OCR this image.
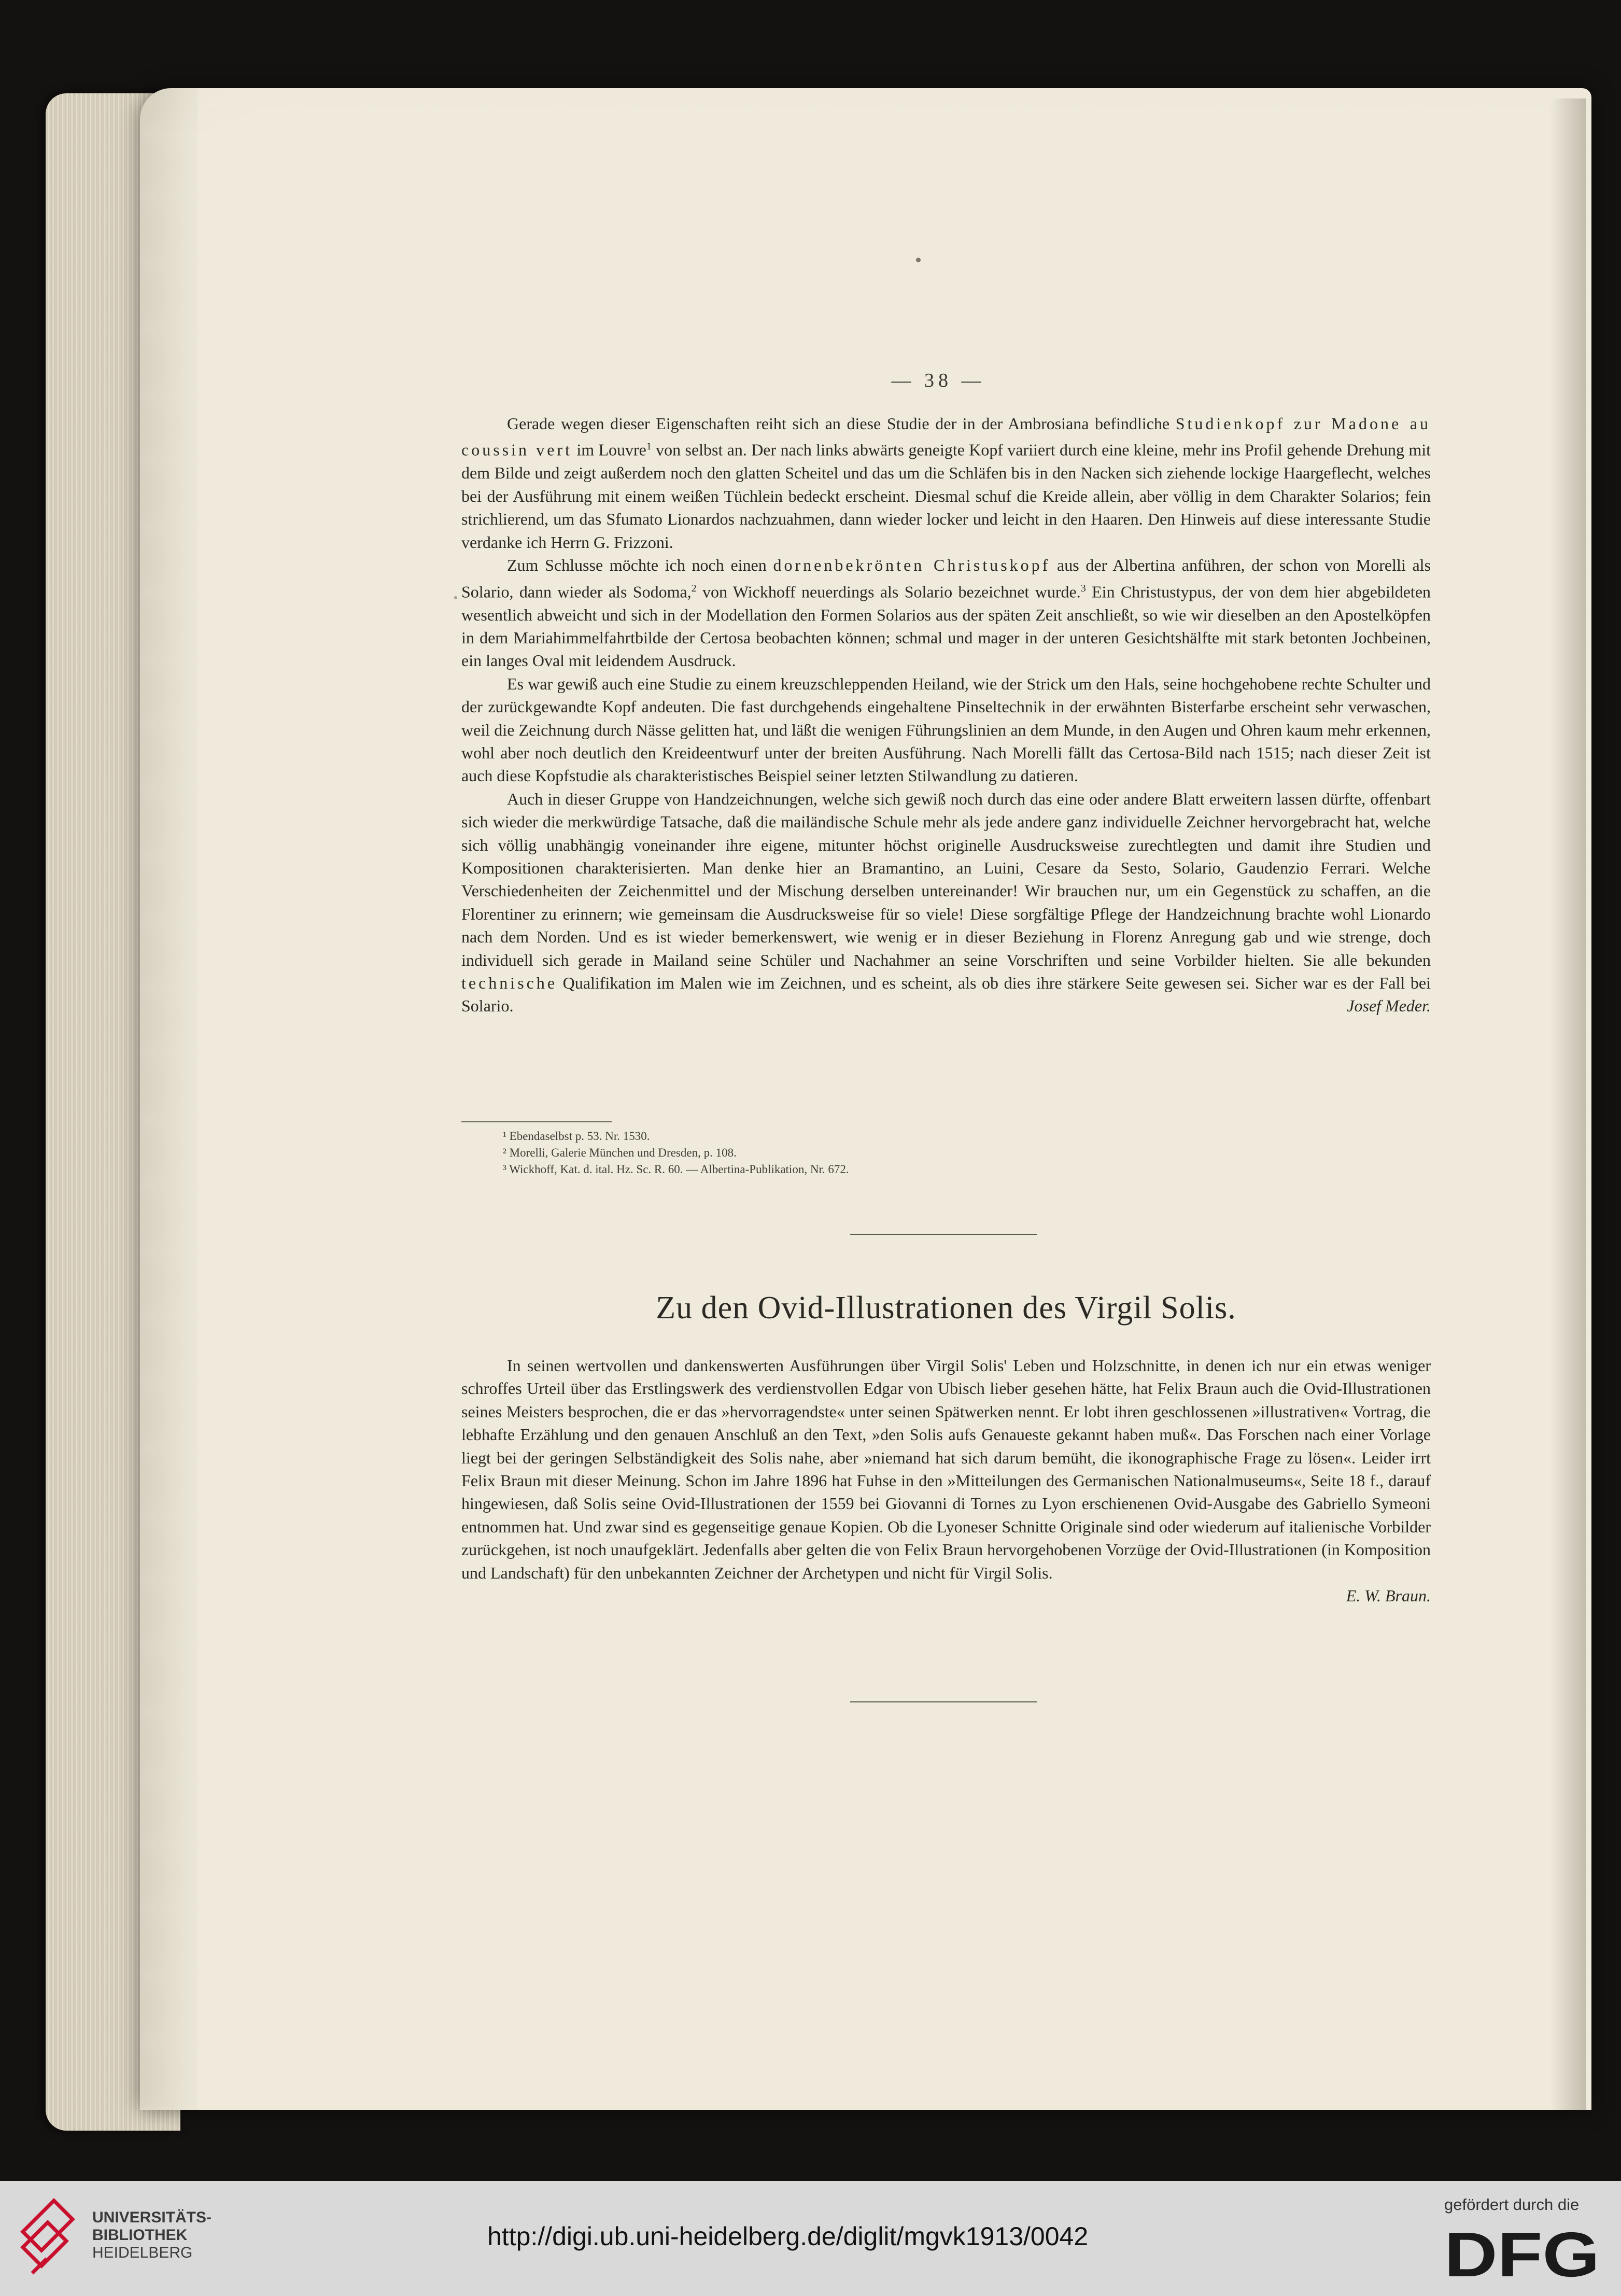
— 38 —

Gerade wegen dieser Eigenschaften reiht sich an diese Studie der in der Ambrosiana befindliche Studienkopf zur Madone au coussin vert im Louvre$^1$ von selbst an. Der nach links abwärts geneigte Kopf variiert durch eine kleine, mehr ins Profil gehende Drehung mit dem Bilde und zeigt außerdem noch den glatten Scheitel und das um die Schläfen bis in den Nacken sich ziehende lockige Haargeflecht, welches bei der Ausführung mit einem weißen Tüchlein bedeckt erscheint. Diesmal schuf die Kreide allein, aber völlig in dem Charakter Solarios; fein strichlierend, um das Sfumato Lionardos nachzuahmen, dann wieder locker und leicht in den Haaren. Den Hinweis auf diese interessante Studie verdanke ich Herrn G. Frizzoni.

Zum Schlusse möchte ich noch einen dornenbekrönten Christuskopf aus der Albertina anführen, der schon von Morelli als Solario, dann wieder als Sodoma,$^2$ von Wickhoff neuerdings als Solario bezeichnet wurde.$^3$ Ein Christustypus, der von dem hier abgebildeten wesentlich abweicht und sich in der Modellation den Formen Solarios aus der späten Zeit anschließt, so wie wir dieselben an den Apostelköpfen in dem Mariahimmelfahrtbilde der Certosa beobachten können; schmal und mager in der unteren Gesichtshälfte mit stark betonten Jochbeinen, ein langes Oval mit leidendem Ausdruck.

Es war gewiß auch eine Studie zu einem kreuzschleppenden Heiland, wie der Strick um den Hals, seine hochgehobene rechte Schulter und der zurückgewandte Kopf andeuten. Die fast durchgehends eingehaltene Pinseltechnik in der erwähnten Bisterfarbe erscheint sehr verwaschen, weil die Zeichnung durch Nässe gelitten hat, und läßt die wenigen Führungslinien an dem Munde, in den Augen und Ohren kaum mehr erkennen, wohl aber noch deutlich den Kreideentwurf unter der breiten Ausführung. Nach Morelli fällt das Certosa-Bild nach 1515; nach dieser Zeit ist auch diese Kopfstudie als charakteristisches Beispiel seiner letzten Stilwandlung zu datieren.

Auch in dieser Gruppe von Handzeichnungen, welche sich gewiß noch durch das eine oder andere Blatt erweitern lassen dürfte, offenbart sich wieder die merkwürdige Tatsache, daß die mailändische Schule mehr als jede andere ganz individuelle Zeichner hervorgebracht hat, welche sich völlig unabhängig voneinander ihre eigene, mitunter höchst originelle Ausdrucksweise zurechtlegten und damit ihre Studien und Kompositionen charakterisierten. Man denke hier an Bramantino, an Luini, Cesare da Sesto, Solario, Gaudenzio Ferrari. Welche Verschiedenheiten der Zeichenmittel und der Mischung derselben untereinander! Wir brauchen nur, um ein Gegenstück zu schaffen, an die Florentiner zu erinnern; wie gemeinsam die Ausdrucksweise für so viele! Diese sorgfältige Pflege der Handzeichnung brachte wohl Lionardo nach dem Norden. Und es ist wieder bemerkenswert, wie wenig er in dieser Beziehung in Florenz Anregung gab und wie strenge, doch individuell sich gerade in Mailand seine Schüler und Nachahmer an seine Vorschriften und seine Vorbilder hielten. Sie alle bekunden technische Qualifikation im Malen wie im Zeichnen, und es scheint, als ob dies ihre stärkere Seite gewesen sei. Sicher war es der Fall bei Solario.	Josef Meder.

¹ Ebendaselbst p. 53. Nr. 1530.
² Morelli, Galerie München und Dresden, p. 108.
³ Wickhoff, Kat. d. ital. Hz. Sc. R. 60. — Albertina-Publikation, Nr. 672.
Zu den Ovid-Illustrationen des Virgil Solis.

In seinen wertvollen und dankenswerten Ausführungen über Virgil Solis' Leben und Holzschnitte, in denen ich nur ein etwas weniger schroffes Urteil über das Erstlingswerk des verdienstvollen Edgar von Ubisch lieber gesehen hätte, hat Felix Braun auch die Ovid-Illustrationen seines Meisters besprochen, die er das »hervorragendste« unter seinen Spätwerken nennt. Er lobt ihren geschlossenen »illustrativen« Vortrag, die lebhafte Erzählung und den genauen Anschluß an den Text, »den Solis aufs Genaueste gekannt haben muß«. Das Forschen nach einer Vorlage liegt bei der geringen Selbständigkeit des Solis nahe, aber »niemand hat sich darum bemüht, die ikonographische Frage zu lösen«. Leider irrt Felix Braun mit dieser Meinung. Schon im Jahre 1896 hat Fuhse in den »Mitteilungen des Germanischen Nationalmuseums«, Seite 18 f., darauf hingewiesen, daß Solis seine Ovid-Illustrationen der 1559 bei Giovanni di Tornes zu Lyon erschienenen Ovid-Ausgabe des Gabriello Symeoni entnommen hat. Und zwar sind es gegenseitige genaue Kopien. Ob die Lyoneser Schnitte Originale sind oder wiederum auf italienische Vorbilder zurückgehen, ist noch unaufgeklärt. Jedenfalls aber gelten die von Felix Braun hervorgehobenen Vorzüge der Ovid-Illustrationen (in Komposition und Landschaft) für den unbekannten Zeichner der Archetypen und nicht für Virgil Solis.

E. W. Braun.

UNIVERSITÄTS-
BIBLIOTHEK
HEIDELBERG
http://digi.ub.uni-heidelberg.de/diglit/mgvk1913/0042
gefördert durch die
DFG
